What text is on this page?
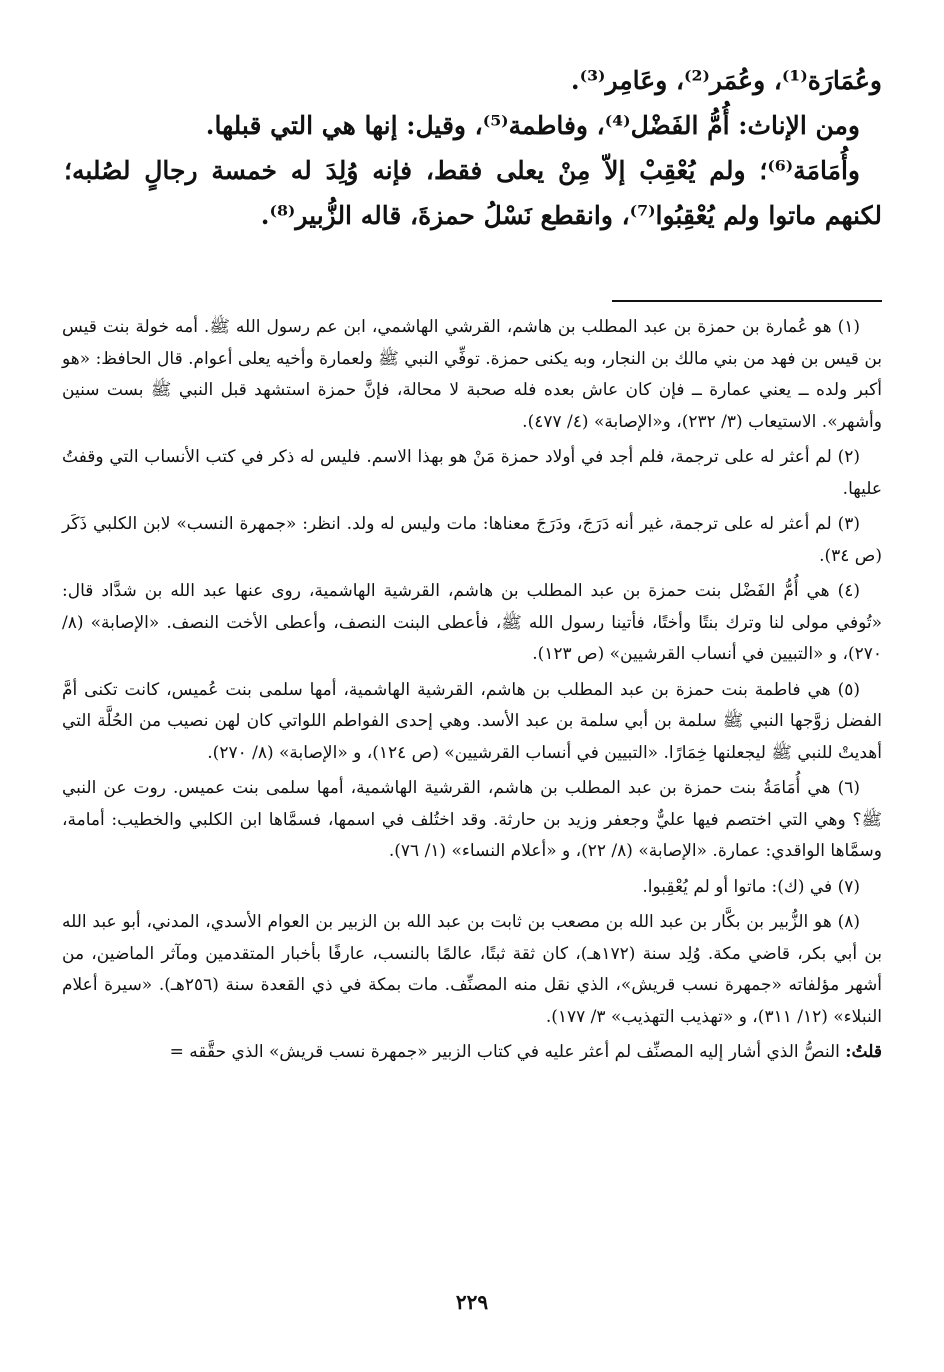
وعُمَارَة⁽¹⁾، وعُمَر⁽²⁾، وعَامِر⁽³⁾.

ومن الإناث: أُمُّ الفَضْل⁽⁴⁾، وفاطمة⁽⁵⁾، وقيل: إنها هي التي قبلها.

وأُمَامَة⁽⁶⁾؛ ولم يُعْقِبْ إلاّ مِنْ يعلى فقط، فإنه وُلِدَ له خمسة رجالٍ لصُلبه؛ لكنهم ماتوا ولم يُعْقِبُوا⁽⁷⁾، وانقطع نَسْلُ حمزةَ، قاله الزُّبير⁽⁸⁾.

(١) هو عُمارة بن حمزة بن عبد المطلب بن هاشم، القرشي الهاشمي، ابن عم رسول الله ﷺ. أمه خولة بنت قيس بن قيس بن فهد من بني مالك بن النجار، وبه يكنى حمزة. توفِّي النبي ﷺ ولعمارة وأخيه يعلى أعوام. قال الحافظ: «هو أكبر ولده ــ يعني عمارة ــ فإن كان عاش بعده فله صحبة لا محالة، فإنَّ حمزة استشهد قبل النبي ﷺ بست سنين وأشهر». الاستيعاب (٣/ ٢٣٢)، و«الإصابة» (٤/ ٤٧٧).

(٢) لم أعثر له على ترجمة، فلم أجد في أولاد حمزة مَنْ هو بهذا الاسم. فليس له ذكر في كتب الأنساب التي وقفتُ عليها.

(٣) لم أعثر له على ترجمة، غير أنه دَرَجَ، ودَرَجَ معناها: مات وليس له ولد. انظر: «جمهرة النسب» لابن الكلبي ذَكَر (ص ٣٤).

(٤) هي أُمُّ الفَضْل بنت حمزة بن عبد المطلب بن هاشم، القرشية الهاشمية، روى عنها عبد الله بن شدَّاد قال: «تُوفي مولى لنا وترك بنتًا وأختًا، فأتينا رسول الله ﷺ، فأعطى البنت النصف، وأعطى الأخت النصف. «الإصابة» (٨/ ٢٧٠)، و «التبيين في أنساب القرشيين» (ص ١٢٣).

(٥) هي فاطمة بنت حمزة بن عبد المطلب بن هاشم، القرشية الهاشمية، أمها سلمى بنت عُميس، كانت تكنى أمَّ الفضل زوَّجها النبي ﷺ سلمة بن أبي سلمة بن عبد الأسد. وهي إحدى الفواطم اللواتي كان لهن نصيب من الحُلَّة التي أهديتْ للنبي ﷺ ليجعلنها خِمَارًا. «التبيين في أنساب القرشيين» (ص ١٢٤)، و «الإصابة» (٨/ ٢٧٠).

(٦) هي أُمَامَةُ بنت حمزة بن عبد المطلب بن هاشم، القرشية الهاشمية، أمها سلمى بنت عميس. روت عن النبي ﷺ؟ وهي التي اختصم فيها عليٌّ وجعفر وزيد بن حارثة. وقد اختُلف في اسمها، فسمَّاها ابن الكلبي والخطيب: أمامة، وسمَّاها الواقدي: عمارة. «الإصابة» (٨/ ٢٢)، و «أعلام النساء» (١/ ٧٦).

(٧) في (ك): ماتوا أو لم يُعْقِبوا.

(٨) هو الزُّبير بن بكَّار بن عبد الله بن مصعب بن ثابت بن عبد الله بن الزبير بن العوام الأسدي، المدني، أبو عبد الله بن أبي بكر، قاضي مكة. وُلِد سنة (١٧٢هـ)، كان ثقة ثبتًا، عالمًا بالنسب، عارفًا بأخبار المتقدمين ومآثر الماضين، من أشهر مؤلفاته «جمهرة نسب قريش»، الذي نقل منه المصنِّف. مات بمكة في ذي القعدة سنة (٢٥٦هـ). «سيرة أعلام النبلاء» (١٢/ ٣١١)، و «تهذيب التهذيب» ٣/ ١٧٧).

قلتُ: النصُّ الذي أشار إليه المصنِّف لم أعثر عليه في كتاب الزبير «جمهرة نسب قريش» الذي حقَّقه =

٢٢٩
